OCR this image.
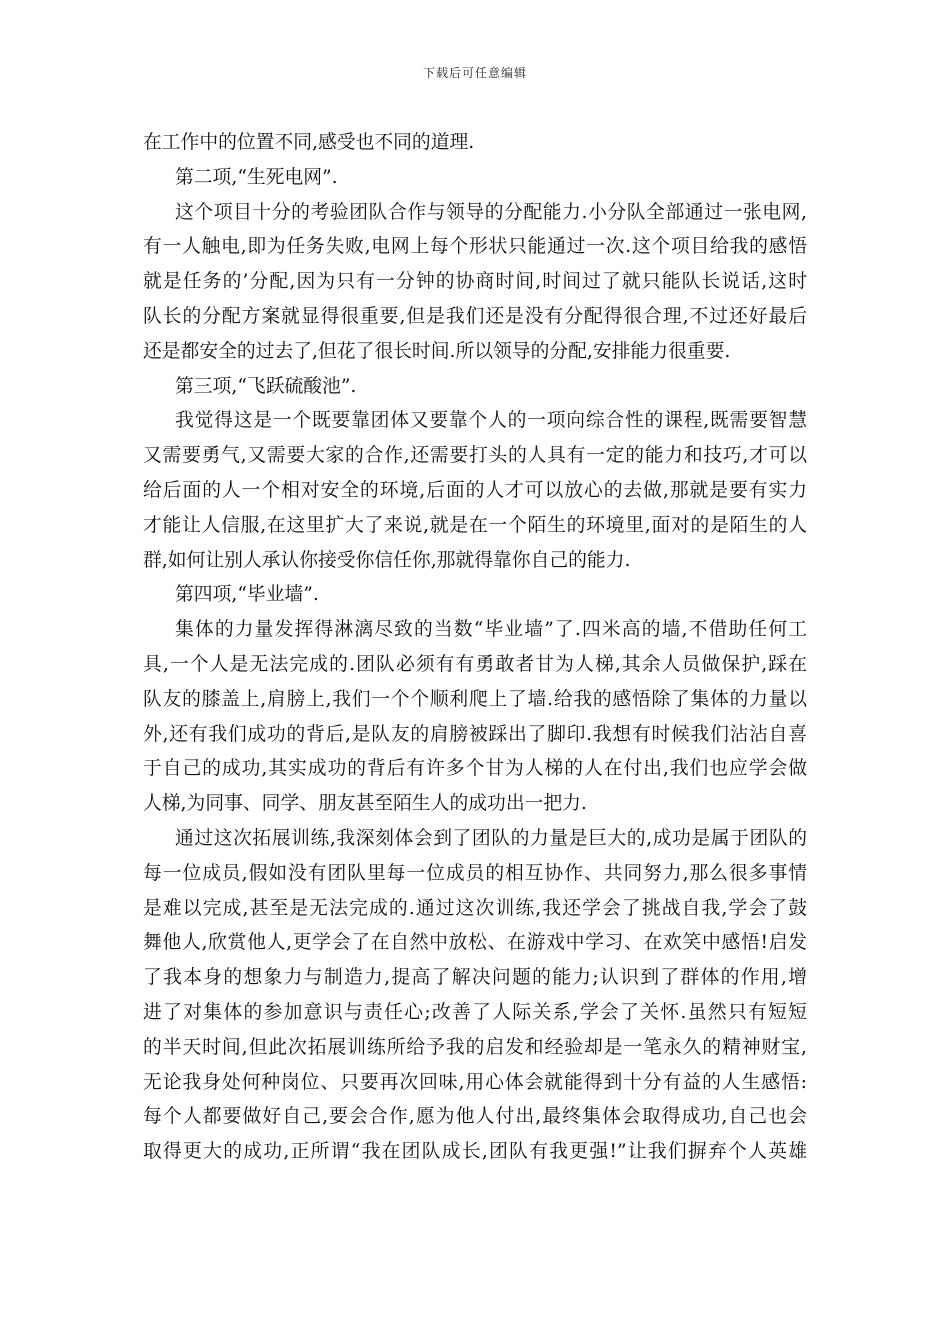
下载后可任意编辑
在工作中的位置不同,感受也不同的道理.
第二项,“生死电网”.
这个项目十分的考验团队合作与领导的分配能力.小分队全部通过一张电网,
有一人触电,即为任务失败,电网上每个形状只能通过一次.这个项目给我的感悟
就是任务的’分配,因为只有一分钟的协商时间,时间过了就只能队长说话,这时
队长的分配方案就显得很重要,但是我们还是没有分配得很合理,不过还好最后
还是都安全的过去了,但花了很长时间.所以领导的分配,安排能力很重要.
第三项,“飞跃硫酸池”.
我觉得这是一个既要靠团体又要靠个人的一项向综合性的课程,既需要智慧
又需要勇气,又需要大家的合作,还需要打头的人具有一定的能力和技巧,才可以
给后面的人一个相对安全的环境,后面的人才可以放心的去做,那就是要有实力
才能让人信服,在这里扩大了来说,就是在一个陌生的环境里,面对的是陌生的人
群,如何让别人承认你接受你信任你,那就得靠你自己的能力.
第四项,“毕业墙”.
集体的力量发挥得淋漓尽致的当数“毕业墙”了.四米高的墙,不借助任何工
具,一个人是无法完成的.团队必须有有勇敢者甘为人梯,其余人员做保护,踩在
队友的膝盖上,肩膀上,我们一个个顺利爬上了墙.给我的感悟除了集体的力量以
外,还有我们成功的背后,是队友的肩膀被踩出了脚印.我想有时候我们沾沾自喜
于自己的成功,其实成功的背后有许多个甘为人梯的人在付出,我们也应学会做
人梯,为同事、同学、朋友甚至陌生人的成功出一把力.
通过这次拓展训练,我深刻体会到了团队的力量是巨大的,成功是属于团队的
每一位成员,假如没有团队里每一位成员的相互协作、共同努力,那么很多事情
是难以完成,甚至是无法完成的.通过这次训练,我还学会了挑战自我,学会了鼓
舞他人,欣赏他人,更学会了在自然中放松、在游戏中学习、在欢笑中感悟!启发
了我本身的想象力与制造力,提高了解决问题的能力;认识到了群体的作用,增
进了对集体的参加意识与责任心;改善了人际关系,学会了关怀.虽然只有短短
的半天时间,但此次拓展训练所给予我的启发和经验却是一笔永久的精神财宝,
无论我身处何种岗位、只要再次回味,用心体会就能得到十分有益的人生感悟:
每个人都要做好自己,要会合作,愿为他人付出,最终集体会取得成功,自己也会
取得更大的成功,正所谓“我在团队成长,团队有我更强!”让我们摒弃个人英雄
